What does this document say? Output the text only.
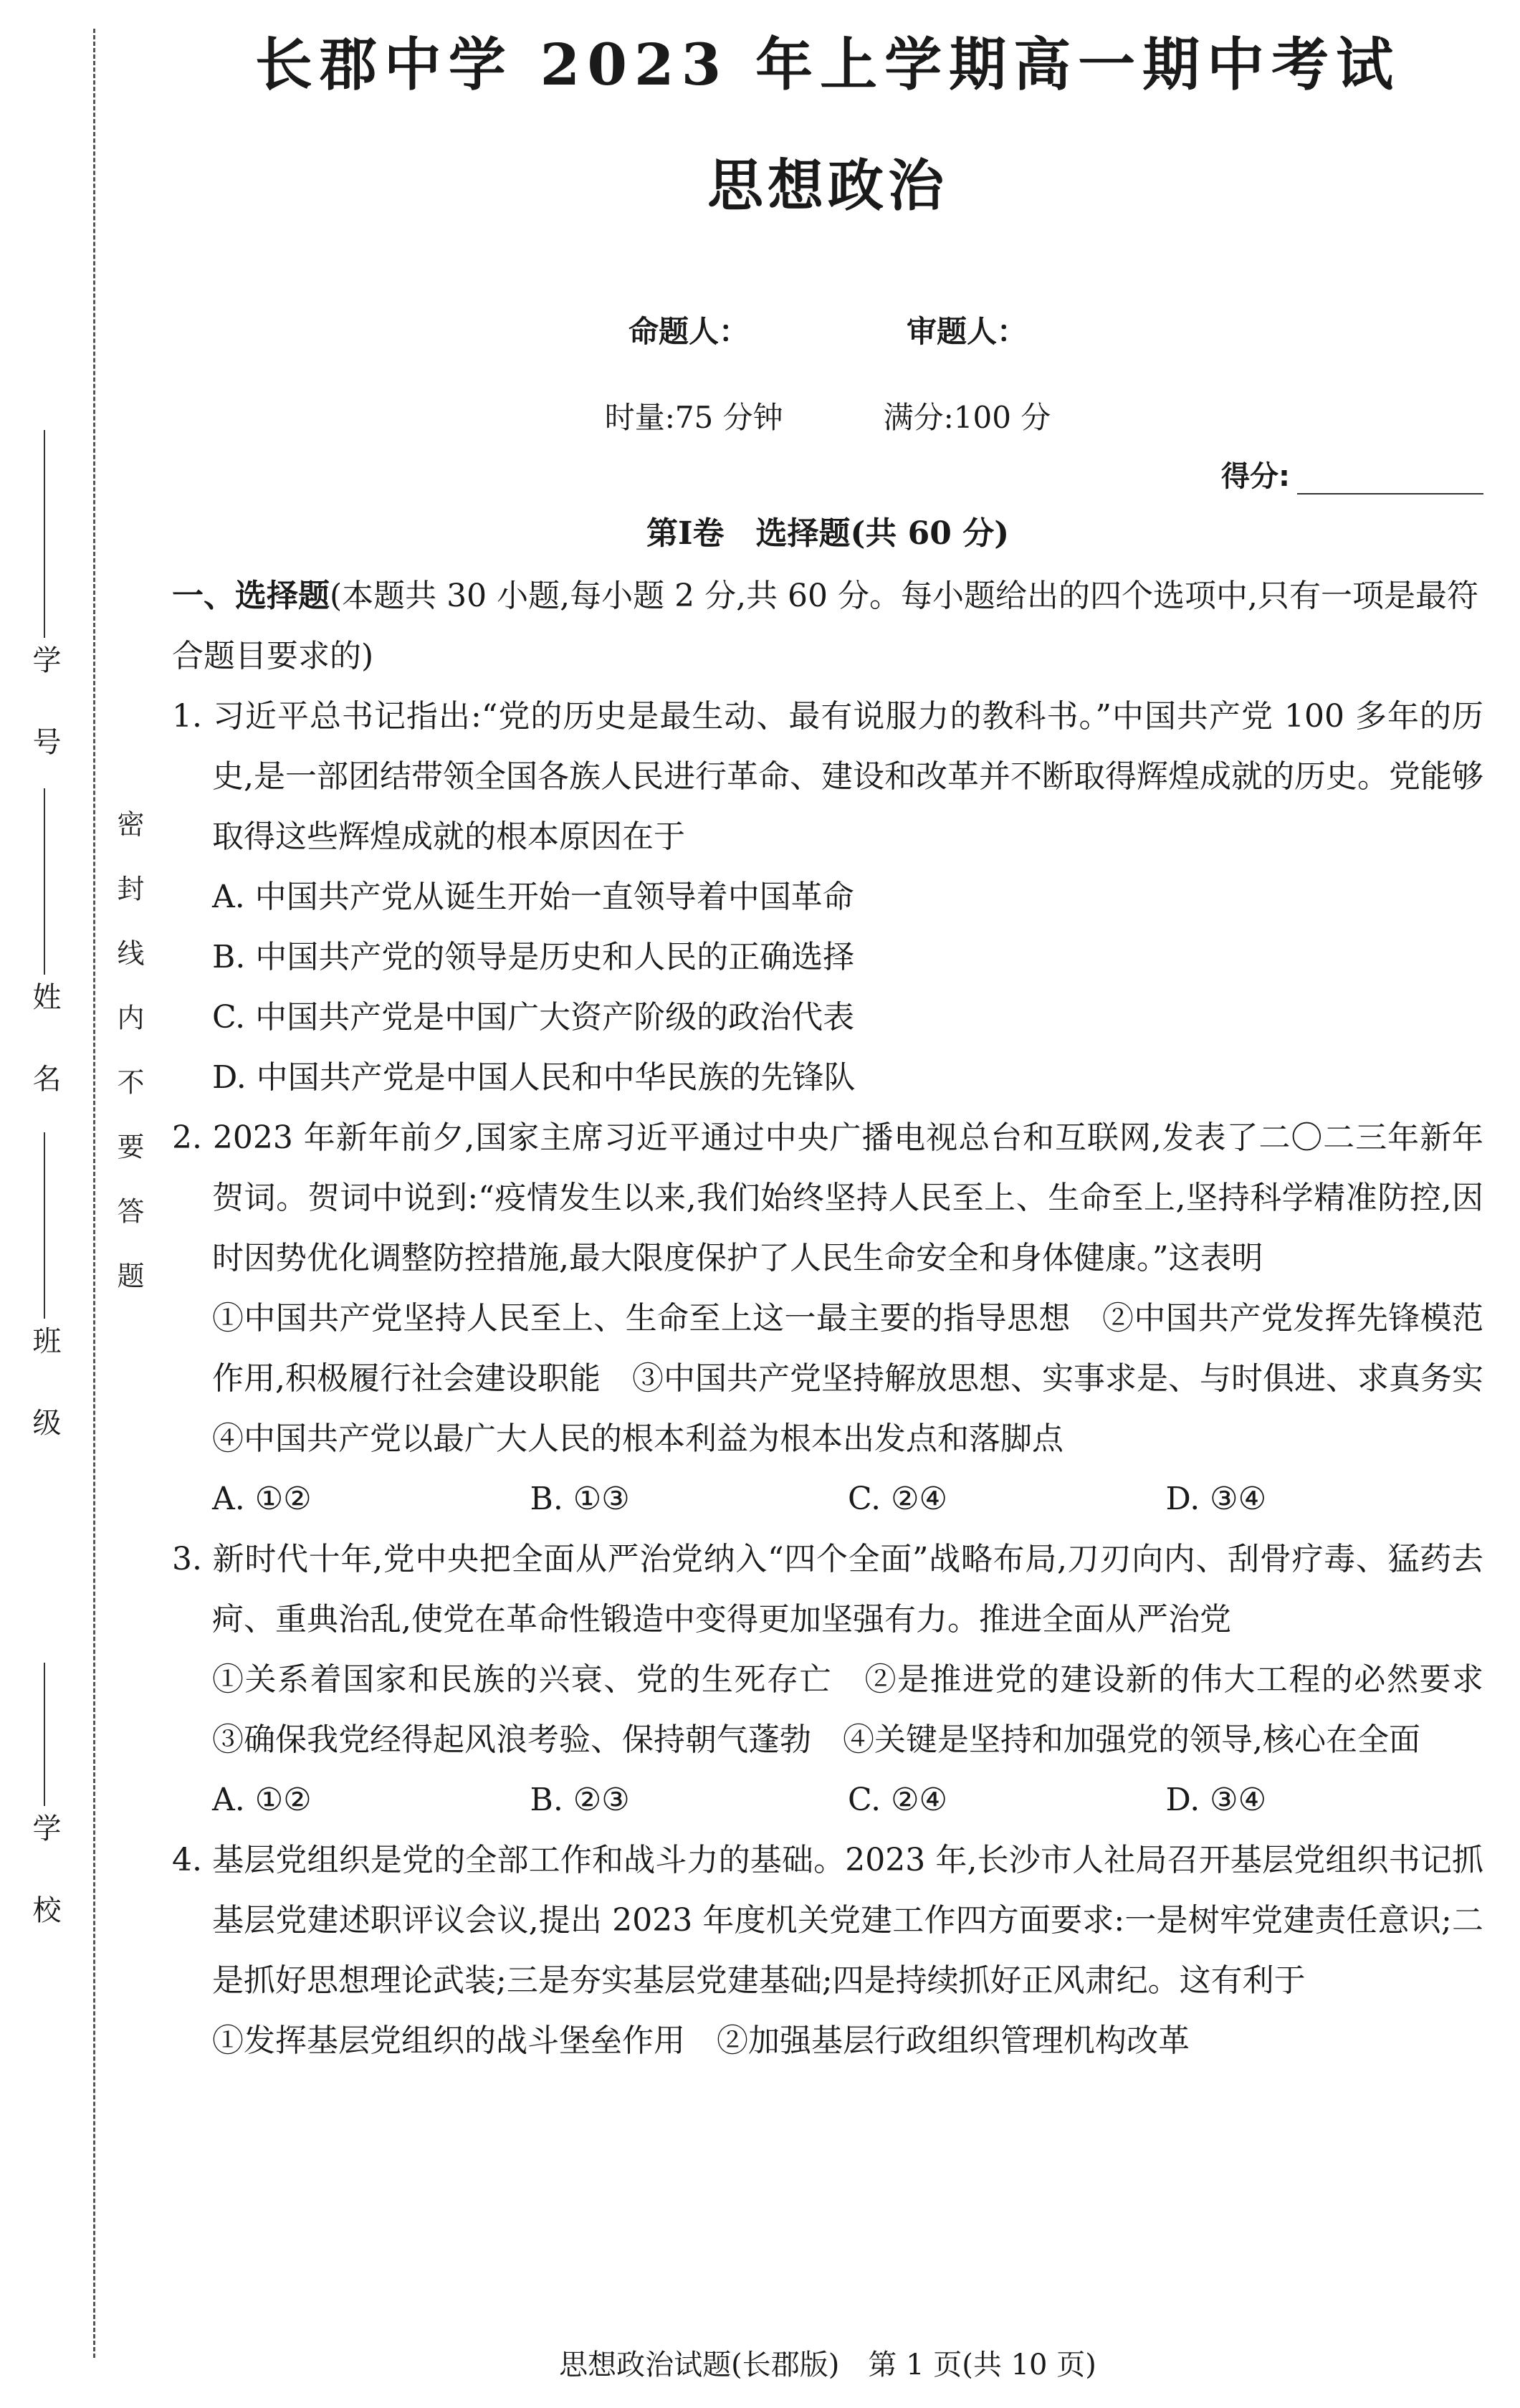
学 号
姓 名
班 级
学 校
密封线内不要答题
长郡中学 2023 年上学期高一期中考试
思想政治
命题人：	审题人：
时量:75 分钟	满分:100 分
得分:
第Ⅰ卷　选择题(共 60 分)
一、选择题(本题共 30 小题,每小题 2 分,共 60 分。每小题给出的四个选项中,只有一项是最符合题目要求的)
1. 习近平总书记指出:“党的历史是最生动、最有说服力的教科书。”中国共产党 100 多年的历史,是一部团结带领全国各族人民进行革命、建设和改革并不断取得辉煌成就的历史。党能够取得这些辉煌成就的根本原因在于
A. 中国共产党从诞生开始一直领导着中国革命
B. 中国共产党的领导是历史和人民的正确选择
C. 中国共产党是中国广大资产阶级的政治代表
D. 中国共产党是中国人民和中华民族的先锋队
2. 2023 年新年前夕,国家主席习近平通过中央广播电视总台和互联网,发表了二〇二三年新年贺词。贺词中说到:“疫情发生以来,我们始终坚持人民至上、生命至上,坚持科学精准防控,因时因势优化调整防控措施,最大限度保护了人民生命安全和身体健康。”这表明
①中国共产党坚持人民至上、生命至上这一最主要的指导思想　②中国共产党发挥先锋模范作用,积极履行社会建设职能　③中国共产党坚持解放思想、实事求是、与时俱进、求真务实　④中国共产党以最广大人民的根本利益为根本出发点和落脚点
A. ①②	B. ①③	C. ②④	D. ③④
3. 新时代十年,党中央把全面从严治党纳入“四个全面”战略布局,刀刃向内、刮骨疗毒、猛药去疴、重典治乱,使党在革命性锻造中变得更加坚强有力。推进全面从严治党
①关系着国家和民族的兴衰、党的生死存亡　②是推进党的建设新的伟大工程的必然要求　③确保我党经得起风浪考验、保持朝气蓬勃　④关键是坚持和加强党的领导,核心在全面
A. ①②	B. ②③	C. ②④	D. ③④
4. 基层党组织是党的全部工作和战斗力的基础。2023 年,长沙市人社局召开基层党组织书记抓基层党建述职评议会议,提出 2023 年度机关党建工作四方面要求:一是树牢党建责任意识;二是抓好思想理论武装;三是夯实基层党建基础;四是持续抓好正风肃纪。这有利于
①发挥基层党组织的战斗堡垒作用　②加强基层行政组织管理机构改革
思想政治试题(长郡版)　第 1 页(共 10 页)
